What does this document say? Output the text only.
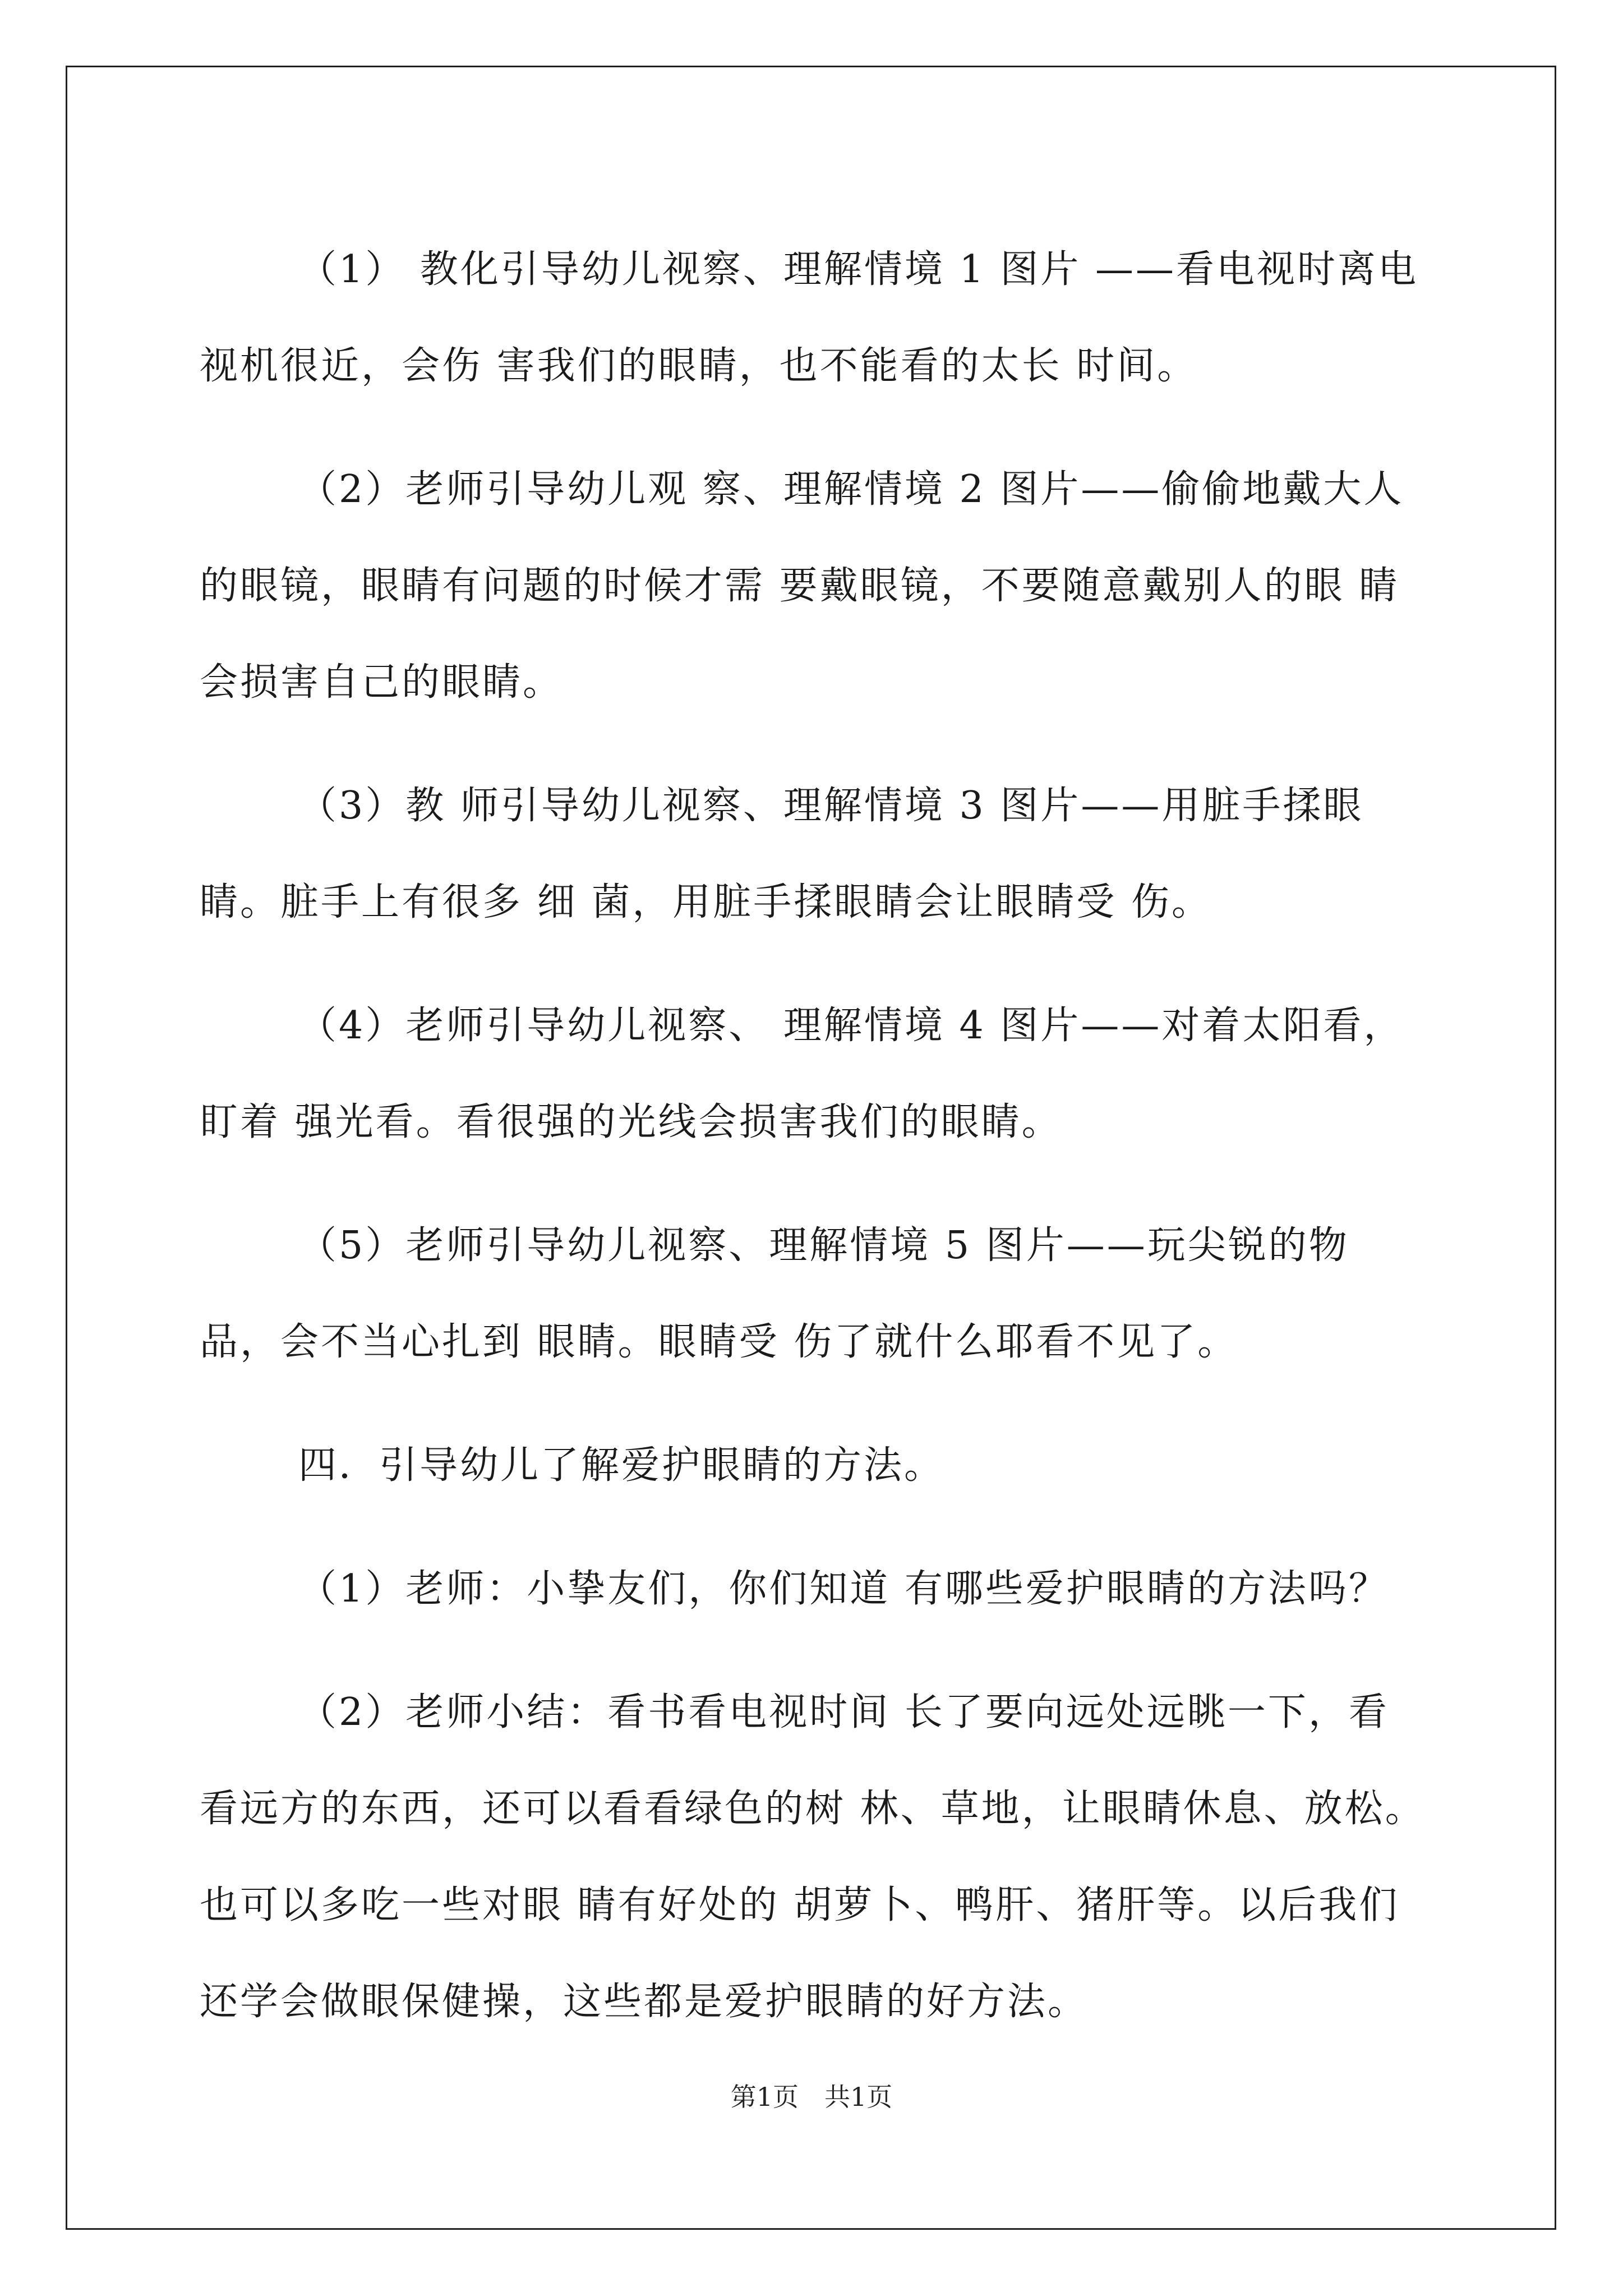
（1） 教化引导幼儿视察、理解情境 1 图片 ——看电视时离电视机很近，会伤 害我们的眼睛，也不能看的太长 时间。

（2）老师引导幼儿观 察、理解情境 2 图片——偷偷地戴大人的眼镜，眼睛有问题的时候才需 要戴眼镜，不要随意戴别人的眼 睛会损害自己的眼睛。

（3）教 师引导幼儿视察、理解情境 3 图片——用脏手揉眼睛。脏手上有很多 细 菌，用脏手揉眼睛会让眼睛受 伤。

（4）老师引导幼儿视察、 理解情境 4 图片——对着太阳看，盯着 强光看。看很强的光线会损害我们的眼睛。

（5）老师引导幼儿视察、理解情境 5 图片——玩尖锐的物 品，会不当心扎到 眼睛。眼睛受 伤了就什么耶看不见了。

四．引导幼儿了解爱护眼睛的方法。

（1）老师：小挚友们，你们知道 有哪些爱护眼睛的方法吗？

（2）老师小结：看书看电视时间 长了要向远处远眺一下，看看远方的东西，还可以看看绿色的树 林、草地，让眼睛休息、放松。也可以多吃一些对眼 睛有好处的 胡萝卜、鸭肝、猪肝等。以后我们还学会做眼保健操，这些都是爱护眼睛的好方法。

第1页　共1页
